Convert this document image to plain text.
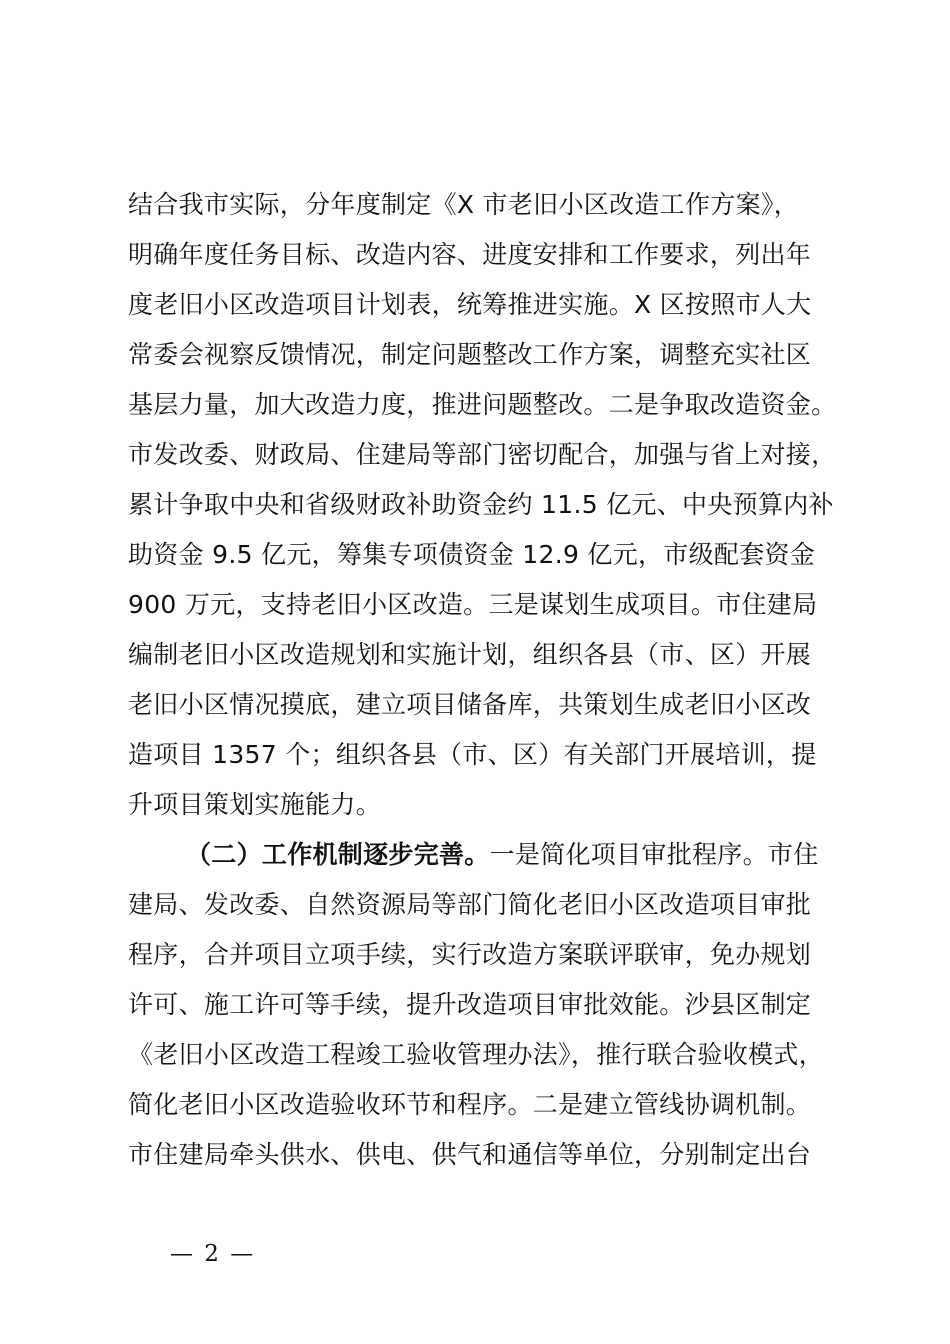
结合我市实际，分年度制定《X 市老旧小区改造工作方案》，
明确年度任务目标、改造内容、进度安排和工作要求，列出年
度老旧小区改造项目计划表，统筹推进实施。X 区按照市人大
常委会视察反馈情况，制定问题整改工作方案，调整充实社区
基层力量，加大改造力度，推进问题整改。二是争取改造资金。
市发改委、财政局、住建局等部门密切配合，加强与省上对接，
累计争取中央和省级财政补助资金约 11.5 亿元、中央预算内补
助资金 9.5 亿元，筹集专项债资金 12.9 亿元，市级配套资金
900 万元，支持老旧小区改造。三是谋划生成项目。市住建局
编制老旧小区改造规划和实施计划，组织各县（市、区）开展
老旧小区情况摸底，建立项目储备库，共策划生成老旧小区改
造项目 1357 个；组织各县（市、区）有关部门开展培训，提
升项目策划实施能力。
（二）工作机制逐步完善。一是简化项目审批程序。市住
建局、发改委、自然资源局等部门简化老旧小区改造项目审批
程序，合并项目立项手续，实行改造方案联评联审，免办规划
许可、施工许可等手续，提升改造项目审批效能。沙县区制定
《老旧小区改造工程竣工验收管理办法》，推行联合验收模式，
简化老旧小区改造验收环节和程序。二是建立管线协调机制。
市住建局牵头供水、供电、供气和通信等单位，分别制定出台
— 2 —
